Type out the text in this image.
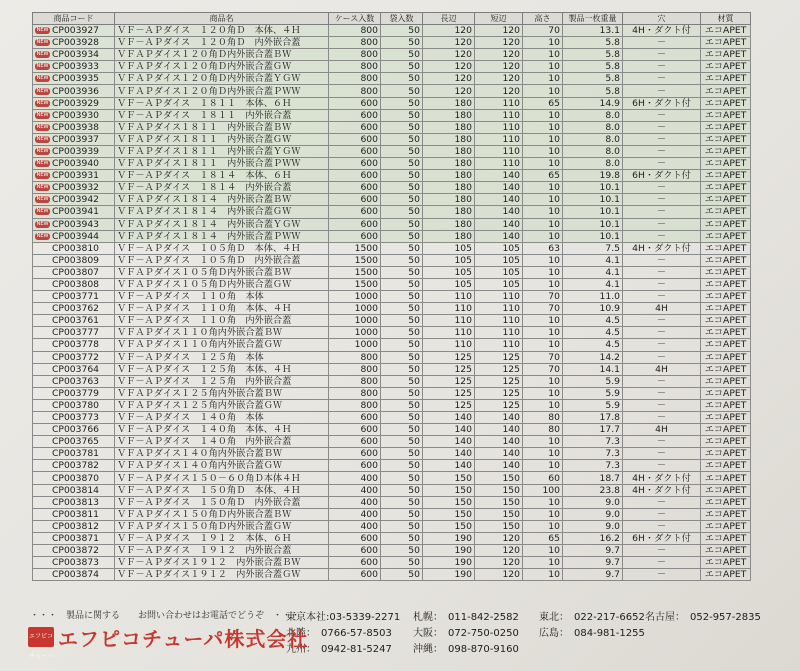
商品コード	商品名	ケース入数	袋入数	長辺	短辺	高さ	製品一枚重量	穴	材質
NEW CP003927	ＶＦ－ＡＰダイス　１２０角Ｄ　本体、４Ｈ	800	50	120	120	70	13.1	4H・ダクト付	エコAPET
NEW CP003928	ＶＦ－ＡＰダイス　１２０角Ｄ　内外嵌合蓋	800	50	120	120	10	5.8	－	エコAPET
NEW CP003934	ＶＦＡＰダイス１２０角Ｄ内外嵌合蓋ＢＷ	800	50	120	120	10	5.8	－	エコAPET
NEW CP003933	ＶＦＡＰダイス１２０角Ｄ内外嵌合蓋ＧＷ	800	50	120	120	10	5.8	－	エコAPET
NEW CP003935	ＶＦＡＰダイス１２０角Ｄ内外嵌合蓋ＹＧＷ	800	50	120	120	10	5.8	－	エコAPET
NEW CP003936	ＶＦＡＰダイス１２０角Ｄ内外嵌合蓋ＰＷＷ	800	50	120	120	10	5.8	－	エコAPET
NEW CP003929	ＶＦ－ＡＰダイス　１８１１　本体、６Ｈ	600	50	180	110	65	14.9	6H・ダクト付	エコAPET
NEW CP003930	ＶＦ－ＡＰダイス　１８１１　内外嵌合蓋	600	50	180	110	10	8.0	－	エコAPET
NEW CP003938	ＶＦＡＰダイス１８１１　内外嵌合蓋ＢＷ	600	50	180	110	10	8.0	－	エコAPET
NEW CP003937	ＶＦＡＰダイス１８１１　内外嵌合蓋ＧＷ	600	50	180	110	10	8.0	－	エコAPET
NEW CP003939	ＶＦＡＰダイス１８１１　内外嵌合蓋ＹＧＷ	600	50	180	110	10	8.0	－	エコAPET
NEW CP003940	ＶＦＡＰダイス１８１１　内外嵌合蓋ＰＷＷ	600	50	180	110	10	8.0	－	エコAPET
NEW CP003931	ＶＦ－ＡＰダイス　１８１４　本体、６Ｈ	600	50	180	140	65	19.8	6H・ダクト付	エコAPET
NEW CP003932	ＶＦ－ＡＰダイス　１８１４　内外嵌合蓋	600	50	180	140	10	10.1	－	エコAPET
NEW CP003942	ＶＦＡＰダイス１８１４　内外嵌合蓋ＢＷ	600	50	180	140	10	10.1	－	エコAPET
NEW CP003941	ＶＦＡＰダイス１８１４　内外嵌合蓋ＧＷ	600	50	180	140	10	10.1	－	エコAPET
NEW CP003943	ＶＦＡＰダイス１８１４　内外嵌合蓋ＹＧＷ	600	50	180	140	10	10.1	－	エコAPET
NEW CP003944	ＶＦＡＰダイス１８１４　内外嵌合蓋ＰＷＷ	600	50	180	140	10	10.1	－	エコAPET
CP003810	ＶＦ－ＡＰダイス　１０５角Ｄ　本体、４Ｈ	1500	50	105	105	63	7.5	4H・ダクト付	エコAPET
CP003809	ＶＦ－ＡＰダイス　１０５角Ｄ　内外嵌合蓋	1500	50	105	105	10	4.1	－	エコAPET
CP003807	ＶＦＡＰダイス１０５角Ｄ内外嵌合蓋ＢＷ	1500	50	105	105	10	4.1	－	エコAPET
CP003808	ＶＦＡＰダイス１０５角Ｄ内外嵌合蓋ＧＷ	1500	50	105	105	10	4.1	－	エコAPET
CP003771	ＶＦ－ＡＰダイス　１１０角　本体	1000	50	110	110	70	11.0	－	エコAPET
CP003762	ＶＦ－ＡＰダイス　１１０角　本体、４Ｈ	1000	50	110	110	70	10.9	4H	エコAPET
CP003761	ＶＦ－ＡＰダイス　１１０角　内外嵌合蓋	1000	50	110	110	10	4.5	－	エコAPET
CP003777	ＶＦＡＰダイス１１０角内外嵌合蓋ＢＷ	1000	50	110	110	10	4.5	－	エコAPET
CP003778	ＶＦＡＰダイス１１０角内外嵌合蓋ＧＷ	1000	50	110	110	10	4.5	－	エコAPET
CP003772	ＶＦ－ＡＰダイス　１２５角　本体	800	50	125	125	70	14.2	－	エコAPET
CP003764	ＶＦ－ＡＰダイス　１２５角　本体、４Ｈ	800	50	125	125	70	14.1	4H	エコAPET
CP003763	ＶＦ－ＡＰダイス　１２５角　内外嵌合蓋	800	50	125	125	10	5.9	－	エコAPET
CP003779	ＶＦＡＰダイス１２５角内外嵌合蓋ＢＷ	800	50	125	125	10	5.9	－	エコAPET
CP003780	ＶＦＡＰダイス１２５角内外嵌合蓋ＧＷ	800	50	125	125	10	5.9	－	エコAPET
CP003773	ＶＦ－ＡＰダイス　１４０角　本体	600	50	140	140	80	17.8	－	エコAPET
CP003766	ＶＦ－ＡＰダイス　１４０角　本体、４Ｈ	600	50	140	140	80	17.7	4H	エコAPET
CP003765	ＶＦ－ＡＰダイス　１４０角　内外嵌合蓋	600	50	140	140	10	7.3	－	エコAPET
CP003781	ＶＦＡＰダイス１４０角内外嵌合蓋ＢＷ	600	50	140	140	10	7.3	－	エコAPET
CP003782	ＶＦＡＰダイス１４０角内外嵌合蓋ＧＷ	600	50	140	140	10	7.3	－	エコAPET
CP003870	ＶＦ－ＡＰダイス１５０－６０角Ｄ本体４Ｈ	400	50	150	150	60	18.7	4H・ダクト付	エコAPET
CP003814	ＶＦ－ＡＰダイス　１５０角Ｄ　本体、４Ｈ	400	50	150	150	100	23.8	4H・ダクト付	エコAPET
CP003813	ＶＦ－ＡＰダイス　１５０角Ｄ　内外嵌合蓋	400	50	150	150	10	9.0	－	エコAPET
CP003811	ＶＦＡＰダイス１５０角Ｄ内外嵌合蓋ＢＷ	400	50	150	150	10	9.0	－	エコAPET
CP003812	ＶＦＡＰダイス１５０角Ｄ内外嵌合蓋ＧＷ	400	50	150	150	10	9.0	－	エコAPET
CP003871	ＶＦ－ＡＰダイス　１９１２　本体、６Ｈ	600	50	190	120	65	16.2	6H・ダクト付	エコAPET
CP003872	ＶＦ－ＡＰダイス　１９１２　内外嵌合蓋	600	50	190	120	10	9.7	－	エコAPET
CP003873	ＶＦ－ＡＰダイス１９１２　内外嵌合蓋ＢＷ	600	50	190	120	10	9.7	－	エコAPET
CP003874	ＶＦ－ＡＰダイス１９１２　内外嵌合蓋ＧＷ	600	50	190	120	10	9.7	－	エコAPET
・・・　製品に関する　　お問い合わせはお電話でどうぞ　・・・
東京本社:03-5339-2271
北陸：　0766-57-8503
九州：　0942-81-5247
札幌：　011-842-2582
大阪：　072-750-0250
沖縄：　098-870-9160
東北：　022-217-6652
広島：　084-981-1255
名古屋：　052-957-2835
エフピコチューパ
エフピコチューパ株式会社
